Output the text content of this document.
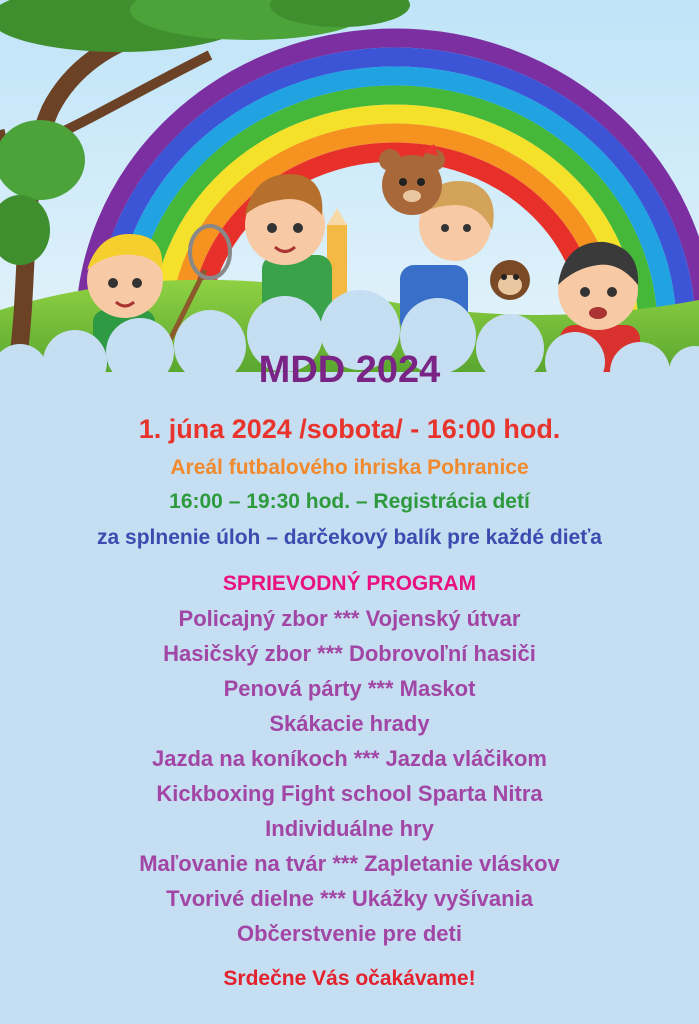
MDD 2024
1. júna 2024 /sobota/ - 16:00 hod.
Areál futbalového ihriska Pohranice
16:00 – 19:30 hod. – Registrácia detí
za splnenie úloh – darčekový balík pre každé dieťa
SPRIEVODNÝ PROGRAM
Policajný zbor *** Vojenský útvar
Hasičský zbor *** Dobrovoľní hasiči
Penová párty *** Maskot
Skákacie hrady
Jazda na koníkoch *** Jazda vláčikom
Kickboxing Fight school Sparta Nitra
Individuálne hry
Maľovanie na tvár *** Zapletanie vláskov
Tvorivé dielne *** Ukážky vyšívania
Občerstvenie pre deti
Srdečne Vás očakávame!
